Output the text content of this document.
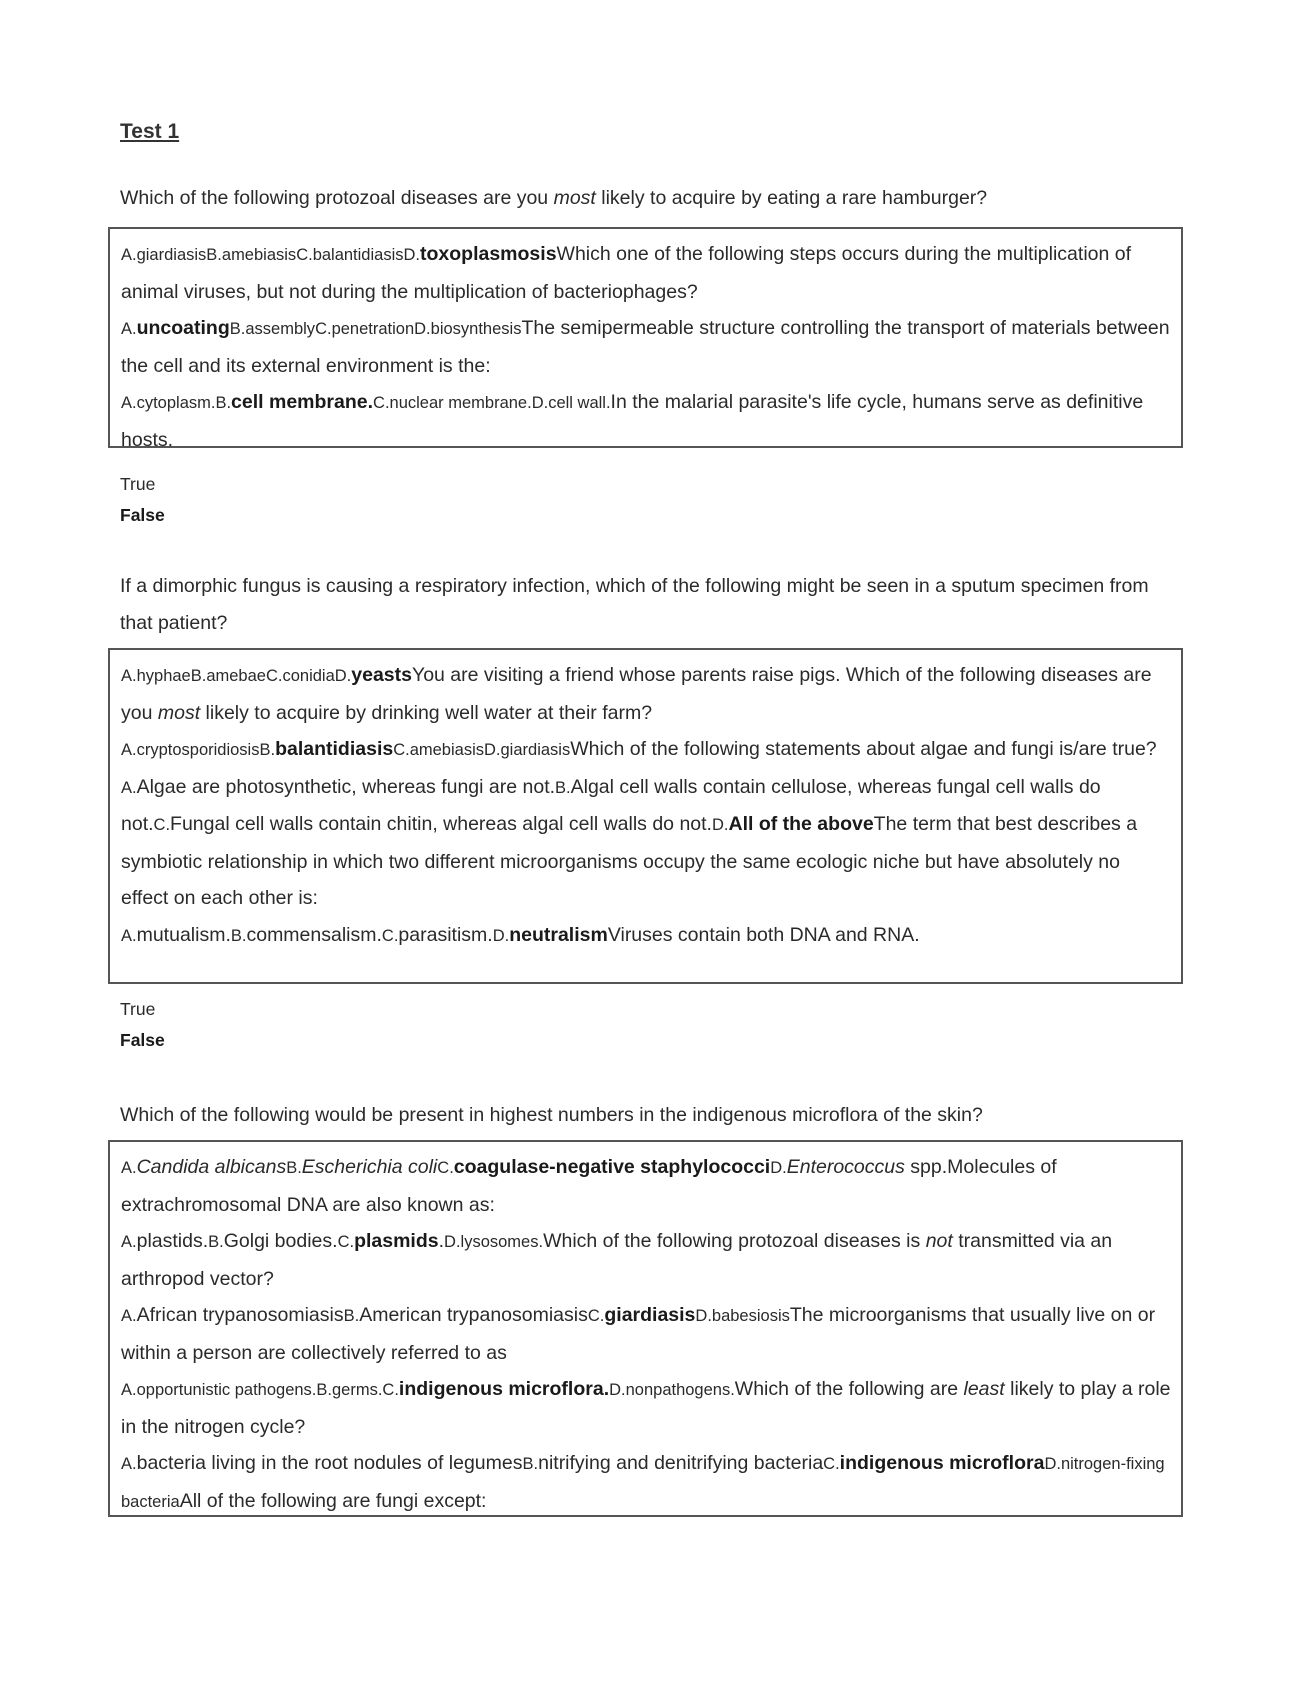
Test 1
Which of the following protozoal diseases are you most likely to acquire by eating a rare hamburger?

A.giardiasisB.amebiasisC.balantidiasisD.toxoplasmosisWhich one of the following steps occurs during the multiplication of animal viruses, but not during the multiplication of bacteriophages?

A.uncoatingB.assemblyC.penetrationD.biosynthesisThe semipermeable structure controlling the transport of materials between the cell and its external environment is the:

A.cytoplasm.B.cell membrane.C.nuclear membrane.D.cell wall.In the malarial parasite's life cycle, humans serve as definitive hosts.

True
False
If a dimorphic fungus is causing a respiratory infection, which of the following might be seen in a sputum specimen from that patient?

A.hyphaeB.amebaeC.conidiaD.yeastsYou are visiting a friend whose parents raise pigs. Which of the following diseases are you most likely to acquire by drinking well water at their farm?

A.cryptosporidiosisB.balantidiasisC.amebiasisD.giardiasisWhich of the following statements about algae and fungi is/are true?

A.Algae are photosynthetic, whereas fungi are not.B.Algal cell walls contain cellulose, whereas fungal cell walls do not.C.Fungal cell walls contain chitin, whereas algal cell walls do not.D.All of the aboveThe term that best describes a symbiotic relationship in which two different microorganisms occupy the same ecologic niche but have absolutely no effect on each other is:

A.mutualism.B.commensalism.C.parasitism.D.neutralismViruses contain both DNA and RNA.

True
False
Which of the following would be present in highest numbers in the indigenous microflora of the skin?

A.Candida albicansB.Escherichia coliC.coagulase-negative staphylococciD.Enterococcus spp.Molecules of extrachromosomal DNA are also known as:

A.plastids.B.Golgi bodies.C.plasmids.D.lysosomes.Which of the following protozoal diseases is not transmitted via an arthropod vector?

A.African trypanosomiasisB.American trypanosomiasisC.giardiasisD.babesiosisThe microorganisms that usually live on or within a person are collectively referred to as

A.opportunistic pathogens.B.germs.C.indigenous microflora.D.nonpathogens.Which of the following are least likely to play a role in the nitrogen cycle?

A.bacteria living in the root nodules of legumesB.nitrifying and denitrifying bacteriaC.indigenous microfloraD.nitrogen-fixing bacteriaAll of the following are fungi except:
